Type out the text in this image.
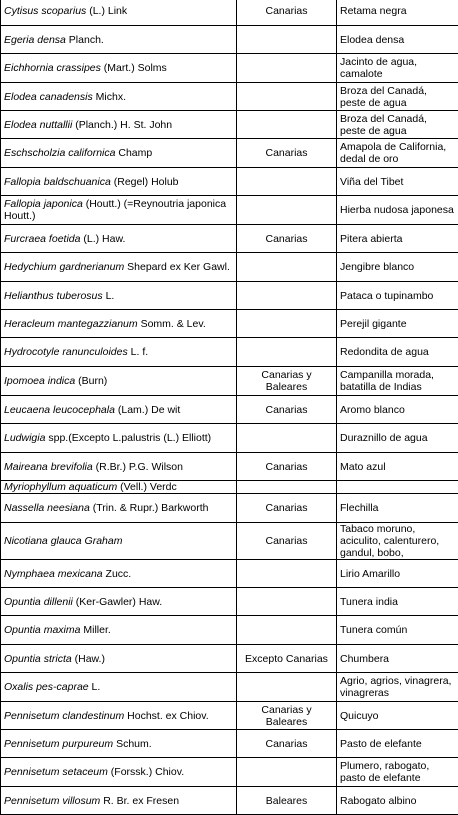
Cytisus scoparius (L.) Link	Canarias	Retama negra
Egeria densa Planch.		Elodea densa
Eichhornia crassipes (Mart.) Solms		Jacinto de agua, camalote
Elodea canadensis Michx.		Broza del Canadá, peste de agua
Elodea nuttallii (Planch.) H. St. John		Broza del Canadá, peste de agua
Eschscholzia californica Champ	Canarias	Amapola de California, dedal de oro
Fallopia baldschuanica (Regel) Holub		Viña del Tibet
Fallopia japonica (Houtt.) (=Reynoutria japonica Houtt.)		Hierba nudosa japonesa
Furcraea foetida (L.) Haw.	Canarias	Pitera abierta
Hedychium gardnerianum Shepard ex Ker Gawl.		Jengibre blanco
Helianthus tuberosus L.		Pataca o tupinambo
Heracleum mantegazzianum Somm. & Lev.		Perejil gigante
Hydrocotyle ranunculoides L. f.		Redondita de agua
Ipomoea indica (Burn)	Canarias y Baleares	Campanilla morada, batatilla de Indias
Leucaena leucocephala (Lam.) De wit	Canarias	Aromo blanco
Ludwigia spp.(Excepto L.palustris (L.) Elliott)		Duraznillo de agua
Maireana brevifolia (R.Br.) P.G. Wilson	Canarias	Mato azul
Myriophyllum aquaticum (Vell.) Verdc		
Nassella neesiana (Trin. & Rupr.) Barkworth	Canarias	Flechilla
Nicotiana glauca Graham	Canarias	Tabaco moruno, aciculito, calenturero, gandul, bobo,
Nymphaea mexicana Zucc.		Lirio Amarillo
Opuntia dillenii (Ker-Gawler) Haw.		Tunera india
Opuntia maxima Miller.		Tunera común
Opuntia stricta (Haw.)	Excepto Canarias	Chumbera
Oxalis pes-caprae L.		Agrio, agrios, vinagrera, vinagreras
Pennisetum clandestinum Hochst. ex Chiov.	Canarias y Baleares	Quicuyo
Pennisetum purpureum Schum.	Canarias	Pasto de elefante
Pennisetum setaceum (Forssk.) Chiov.		Plumero, rabogato, pasto de elefante
Pennisetum villosum R. Br. ex Fresen	Baleares	Rabogato albino
